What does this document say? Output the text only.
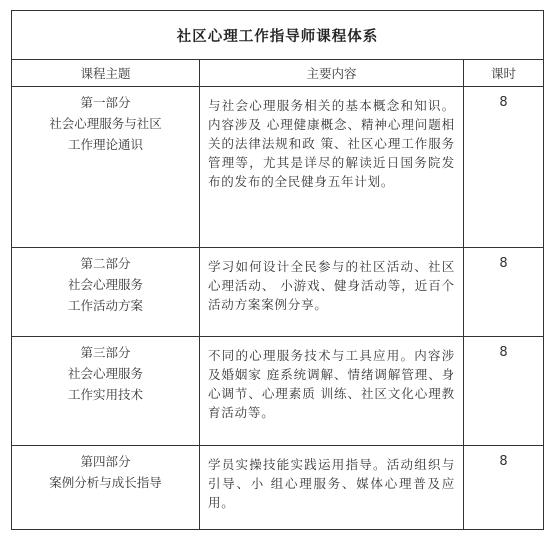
社区心理工作指导师课程体系		
课程主题	主要内容	课时

第一部分
社会心理服务与社区
工作理论通识	与社会心理服务相关的基本概念和知识。内容涉及 心理健康概念、精神心理问题相关的法律法规和政 策、社区心理工作服务管理等，尤其是详尽的解读近日国务院发布的发布的全民健身五年计划。	8

第二部分
社会心理服务
工作活动方案	学习如何设计全民参与的社区活动、社区心理活动、 小游戏、健身活动等，近百个活动方案案例分享。	8

第三部分
社会心理服务
工作实用技术	不同的心理服务技术与工具应用。内容涉及婚姻家 庭系统调解、情绪调解管理、身心调节、心理素质 训练、社区文化心理教育活动等。	8

第四部分
案例分析与成长指导	学员实操技能实践运用指导。活动组织与引导、小 组心理服务、媒体心理普及应用。	8
